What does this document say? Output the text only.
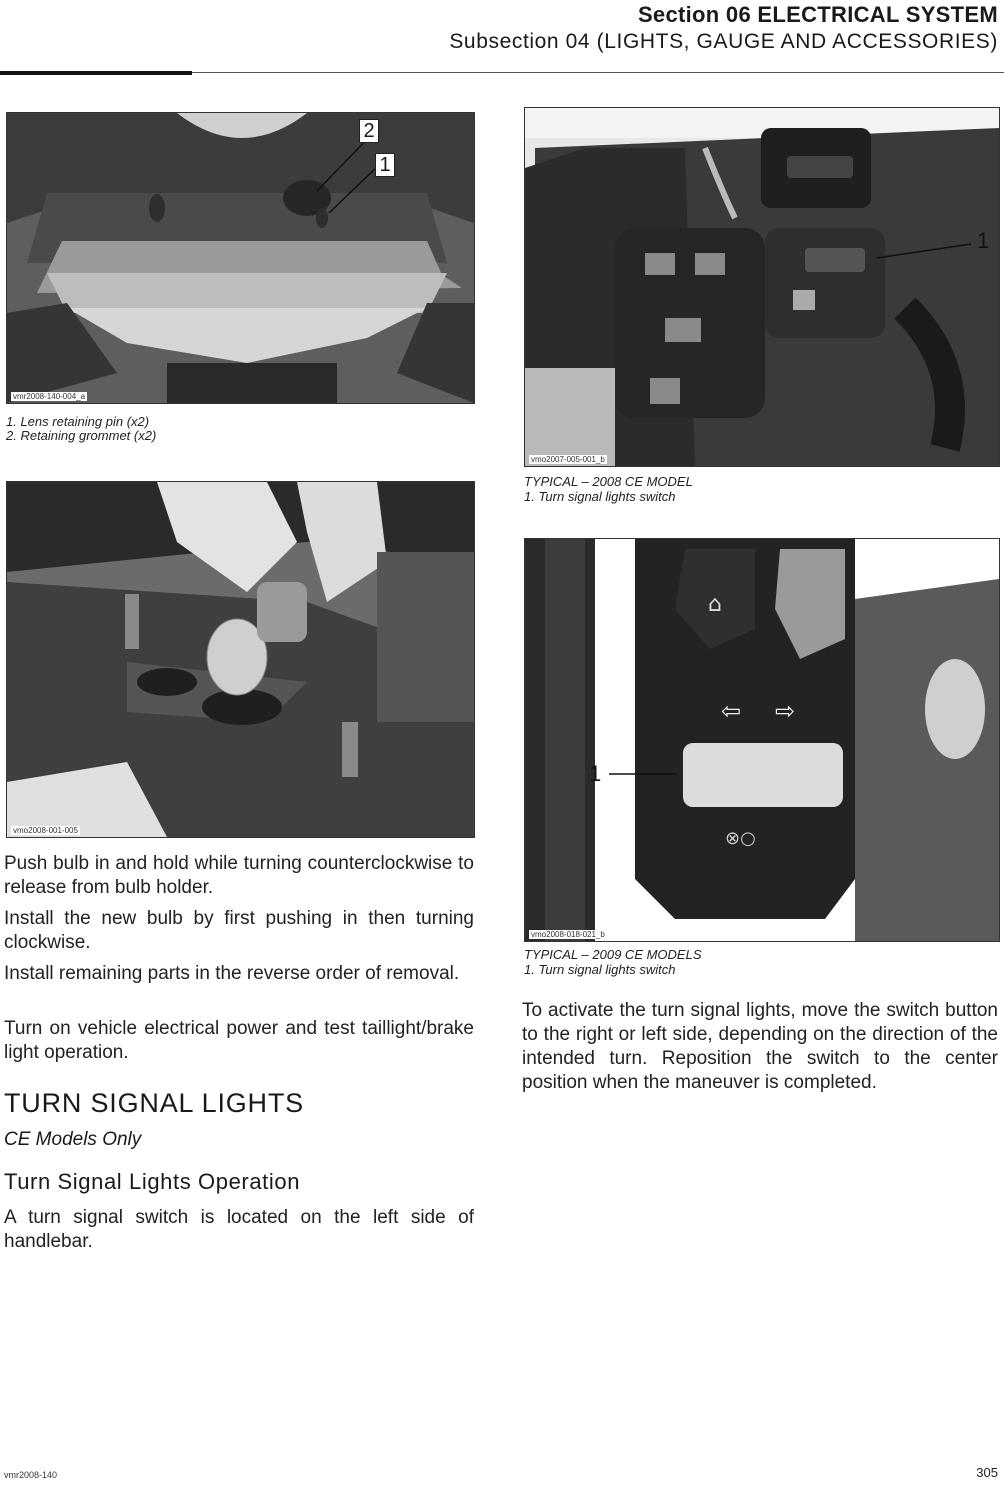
Section 06 ELECTRICAL SYSTEM
Subsection 04 (LIGHTS, GAUGE AND ACCESSORIES)
2
1
vmr2008-140-004_a
1. Lens retaining pin (x2)
2. Retaining grommet (x2)
vmo2008-001-005
Push bulb in and hold while turning counterclockwise to release from bulb holder.
Install the new bulb by first pushing in then turning clockwise.
Install remaining parts in the reverse order of removal.
Turn on vehicle electrical power and test taillight/brake light operation.
TURN SIGNAL LIGHTS
CE Models Only
Turn Signal Lights Operation
A turn signal switch is located on the left side of handlebar.
1
vmo2007-005-001_b
TYPICAL – 2008 CE MODEL
1. Turn signal lights switch
⌂
⇦ ⇨
⊗○
1
vmo2008-018-021_b
TYPICAL – 2009 CE MODELS
1. Turn signal lights switch
To activate the turn signal lights, move the switch button to the right or left side, depending on the direction of the intended turn. Reposition the switch to the center position when the maneuver is completed.
vmr2008-140	305
